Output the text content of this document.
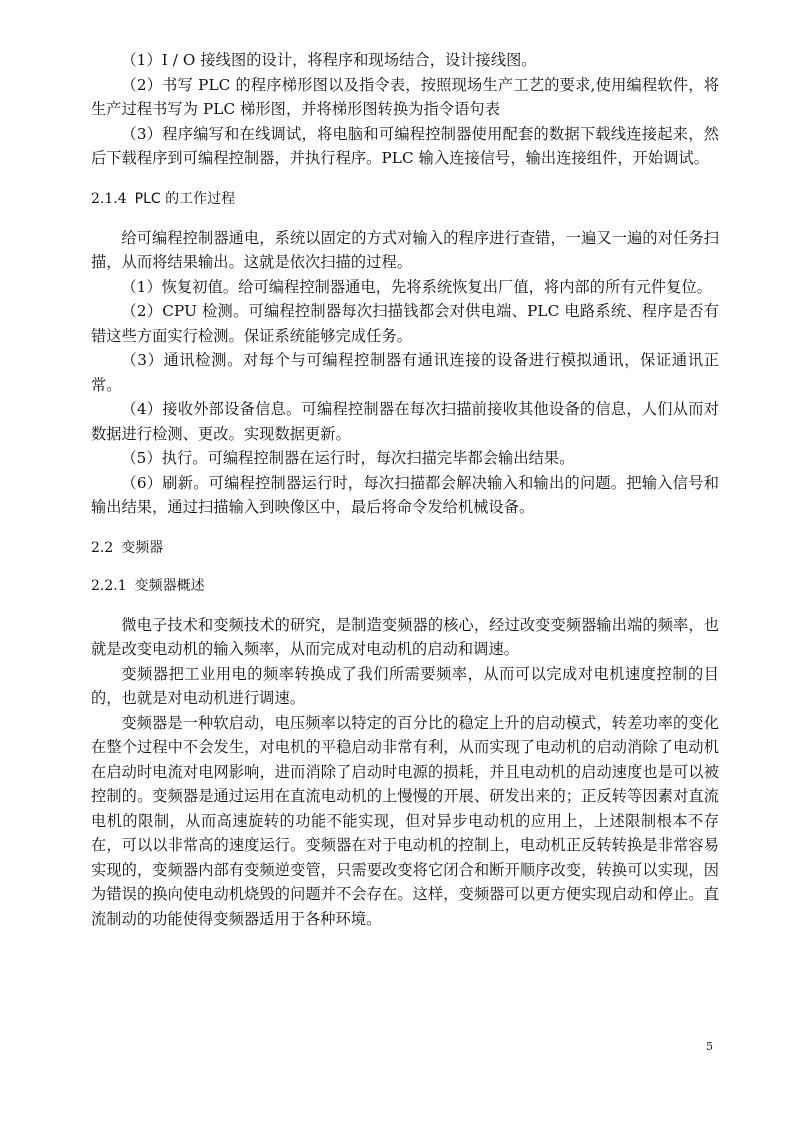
（1）I / O 接线图的设计，将程序和现场结合，设计接线图。

（2）书写 PLC 的程序梯形图以及指令表，按照现场生产工艺的要求,使用编程软件，将生产过程书写为 PLC 梯形图，并将梯形图转换为指令语句表

（3）程序编写和在线调试，将电脑和可编程控制器使用配套的数据下载线连接起来，然后下载程序到可编程控制器，并执行程序。PLC 输入连接信号，输出连接组件，开始调试。

2.1.4 PLC 的工作过程

给可编程控制器通电，系统以固定的方式对输入的程序进行查错，一遍又一遍的对任务扫描，从而将结果输出。这就是依次扫描的过程。

（1）恢复初值。给可编程控制器通电，先将系统恢复出厂值，将内部的所有元件复位。

（2）CPU 检测。可编程控制器每次扫描钱都会对供电端、PLC 电路系统、程序是否有错这些方面实行检测。保证系统能够完成任务。

（3）通讯检测。对每个与可编程控制器有通讯连接的设备进行模拟通讯，保证通讯正常。

（4）接收外部设备信息。可编程控制器在每次扫描前接收其他设备的信息，人们从而对数据进行检测、更改。实现数据更新。

（5）执行。可编程控制器在运行时，每次扫描完毕都会输出结果。

（6）刷新。可编程控制器运行时，每次扫描都会解决输入和输出的问题。把输入信号和输出结果，通过扫描输入到映像区中，最后将命令发给机械设备。

2.2 变频器
2.2.1 变频器概述

微电子技术和变频技术的研究，是制造变频器的核心，经过改变变频器输出端的频率，也就是改变电动机的输入频率，从而完成对电动机的启动和调速。

变频器把工业用电的频率转换成了我们所需要频率，从而可以完成对电机速度控制的目的，也就是对电动机进行调速。

变频器是一种软启动，电压频率以特定的百分比的稳定上升的启动模式，转差功率的变化在整个过程中不会发生，对电机的平稳启动非常有利，从而实现了电动机的启动消除了电动机在启动时电流对电网影响，进而消除了启动时电源的损耗，并且电动机的启动速度也是可以被控制的。变频器是通过运用在直流电动机的上慢慢的开展、研发出来的；正反转等因素对直流电机的限制，从而高速旋转的功能不能实现，但对异步电动机的应用上，上述限制根本不存在，可以以非常高的速度运行。变频器在对于电动机的控制上，电动机正反转转换是非常容易实现的，变频器内部有变频逆变管，只需要改变将它闭合和断开顺序改变，转换可以实现，因为错误的换向使电动机烧毁的问题并不会存在。这样，变频器可以更方便实现启动和停止。直流制动的功能使得变频器适用于各种环境。

5
